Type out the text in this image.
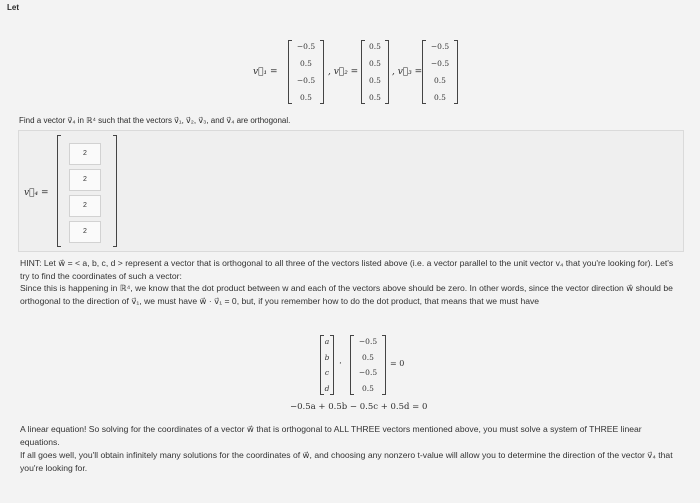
Let
v⃗₁ =
−0.5
0.5
−0.5
0.5
, v⃗₂ =
0.5
0.5
0.5
0.5
, v⃗₃ =
−0.5
−0.5
0.5
0.5
Find a vector v⃗₄ in ℝ⁴ such that the vectors v⃗₁, v⃗₂, v⃗₃, and v⃗₄ are orthogonal.
v⃗₄ =
2
2
2
2
HINT: Let w⃗ = < a, b, c, d > represent a vector that is orthogonal to all three of the vectors listed above (i.e. a vector parallel to the unit vector v₄ that you're looking for). Let's try to find the coordinates of such a vector:
Since this is happening in ℝ⁴, we know that the dot product between w and each of the vectors above should be zero. In other words, since the vector direction w⃗ should be orthogonal to the direction of v⃗₁, we must have w⃗ · v⃗₁ = 0, but, if you remember how to do the dot product, that means that we must have
a
b
c
d
·
−0.5
0.5
−0.5
0.5
= 0
−0.5a + 0.5b − 0.5c + 0.5d = 0
A linear equation! So solving for the coordinates of a vector w⃗ that is orthogonal to ALL THREE vectors mentioned above, you must solve a system of THREE linear equations.
If all goes well, you'll obtain infinitely many solutions for the coordinates of w⃗, and choosing any nonzero t-value will allow you to determine the direction of the vector v⃗₄ that you're looking for.
